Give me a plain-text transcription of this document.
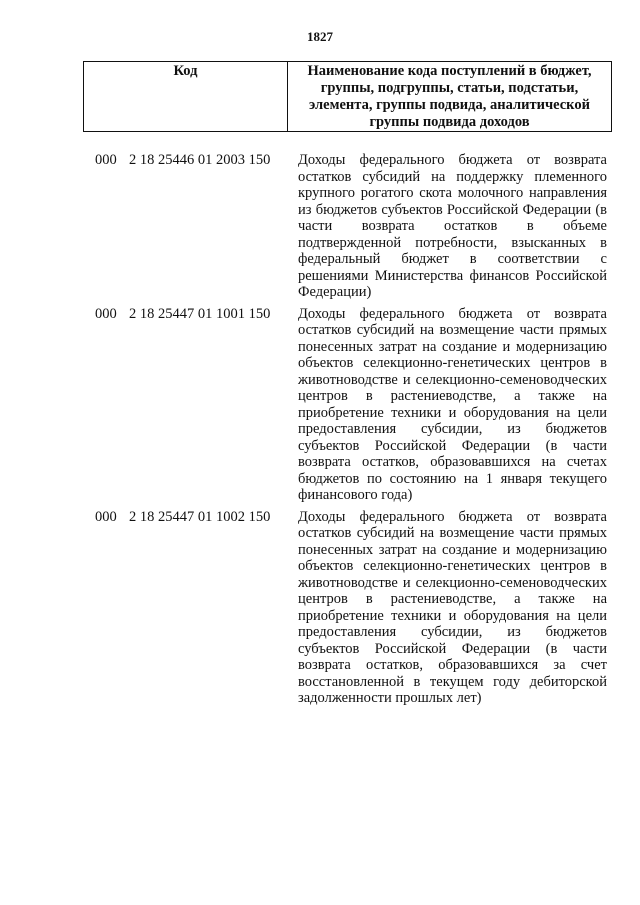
1827
Код	Наименование кода поступлений в бюджет, группы, подгруппы, статьи, подстатьи, элемента, группы подвида, аналитической группы подвида доходов
000 2 18 25446 01 2003 150	Доходы федерального бюджета от возврата остатков субсидий на поддержку племенного крупного рогатого скота молочного направления из бюджетов субъектов Российской Федерации (в части возврата остатков в объеме подтвержденной потребности, взысканных в федеральный бюджет в соответствии с решениями Министерства финансов Российской Федерации)
000 2 18 25447 01 1001 150	Доходы федерального бюджета от возврата остатков субсидий на возмещение части прямых понесенных затрат на создание и модернизацию объектов селекционно-генетических центров в животноводстве и селекционно-семеноводческих центров в растениеводстве, а также на приобретение техники и оборудования на цели предоставления субсидии, из бюджетов субъектов Российской Федерации (в части возврата остатков, образовавшихся на счетах бюджетов по состоянию на 1 января текущего финансового года)
000 2 18 25447 01 1002 150	Доходы федерального бюджета от возврата остатков субсидий на возмещение части прямых понесенных затрат на создание и модернизацию объектов селекционно-генетических центров в животноводстве и селекционно-семеноводческих центров в растениеводстве, а также на приобретение техники и оборудования на цели предоставления субсидии, из бюджетов субъектов Российской Федерации (в части возврата остатков, образовавшихся за счет восстановленной в текущем году дебиторской задолженности прошлых лет)
